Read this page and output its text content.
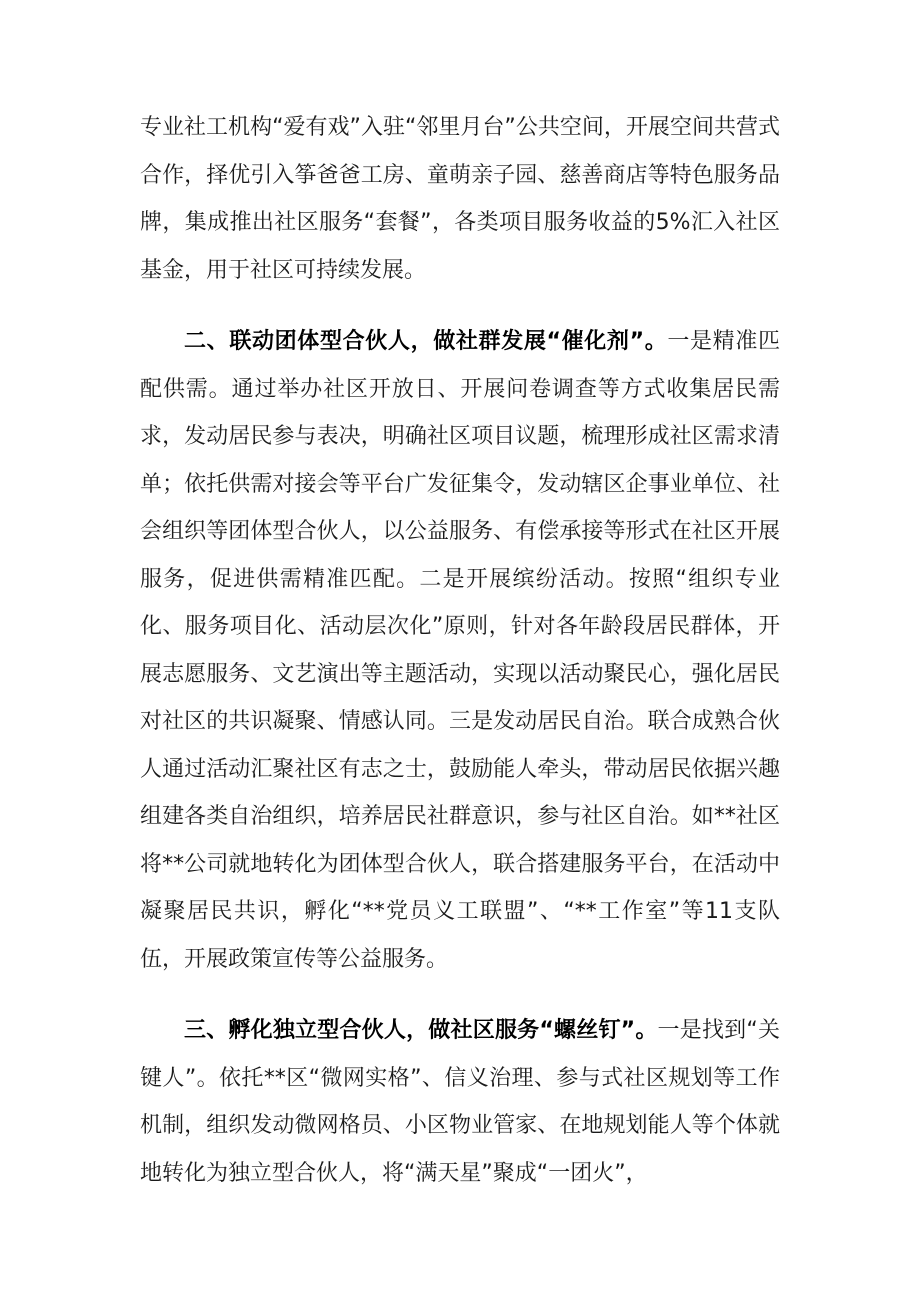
专业社工机构“爱有戏”入驻“邻里月台”公共空间，开展空间共营式合作，择优引入筝爸爸工房、童萌亲子园、慈善商店等特色服务品牌，集成推出社区服务“套餐”，各类项目服务收益的5%汇入社区基金，用于社区可持续发展。

二、联动团体型合伙人，做社群发展“催化剂”。一是精准匹配供需。通过举办社区开放日、开展问卷调查等方式收集居民需求，发动居民参与表决，明确社区项目议题，梳理形成社区需求清单；依托供需对接会等平台广发征集令，发动辖区企事业单位、社会组织等团体型合伙人，以公益服务、有偿承接等形式在社区开展服务，促进供需精准匹配。二是开展缤纷活动。按照“组织专业化、服务项目化、活动层次化”原则，针对各年龄段居民群体，开展志愿服务、文艺演出等主题活动，实现以活动聚民心，强化居民对社区的共识凝聚、情感认同。三是发动居民自治。联合成熟合伙人通过活动汇聚社区有志之士，鼓励能人牵头，带动居民依据兴趣组建各类自治组织，培养居民社群意识，参与社区自治。如**社区将**公司就地转化为团体型合伙人，联合搭建服务平台，在活动中凝聚居民共识，孵化“**党员义工联盟”、“**工作室”等11支队伍，开展政策宣传等公益服务。

三、孵化独立型合伙人，做社区服务“螺丝钉”。一是找到“关键人”。依托**区“微网实格”、信义治理、参与式社区规划等工作机制，组织发动微网格员、小区物业管家、在地规划能人等个体就地转化为独立型合伙人，将“满天星”聚成“一团火”，
